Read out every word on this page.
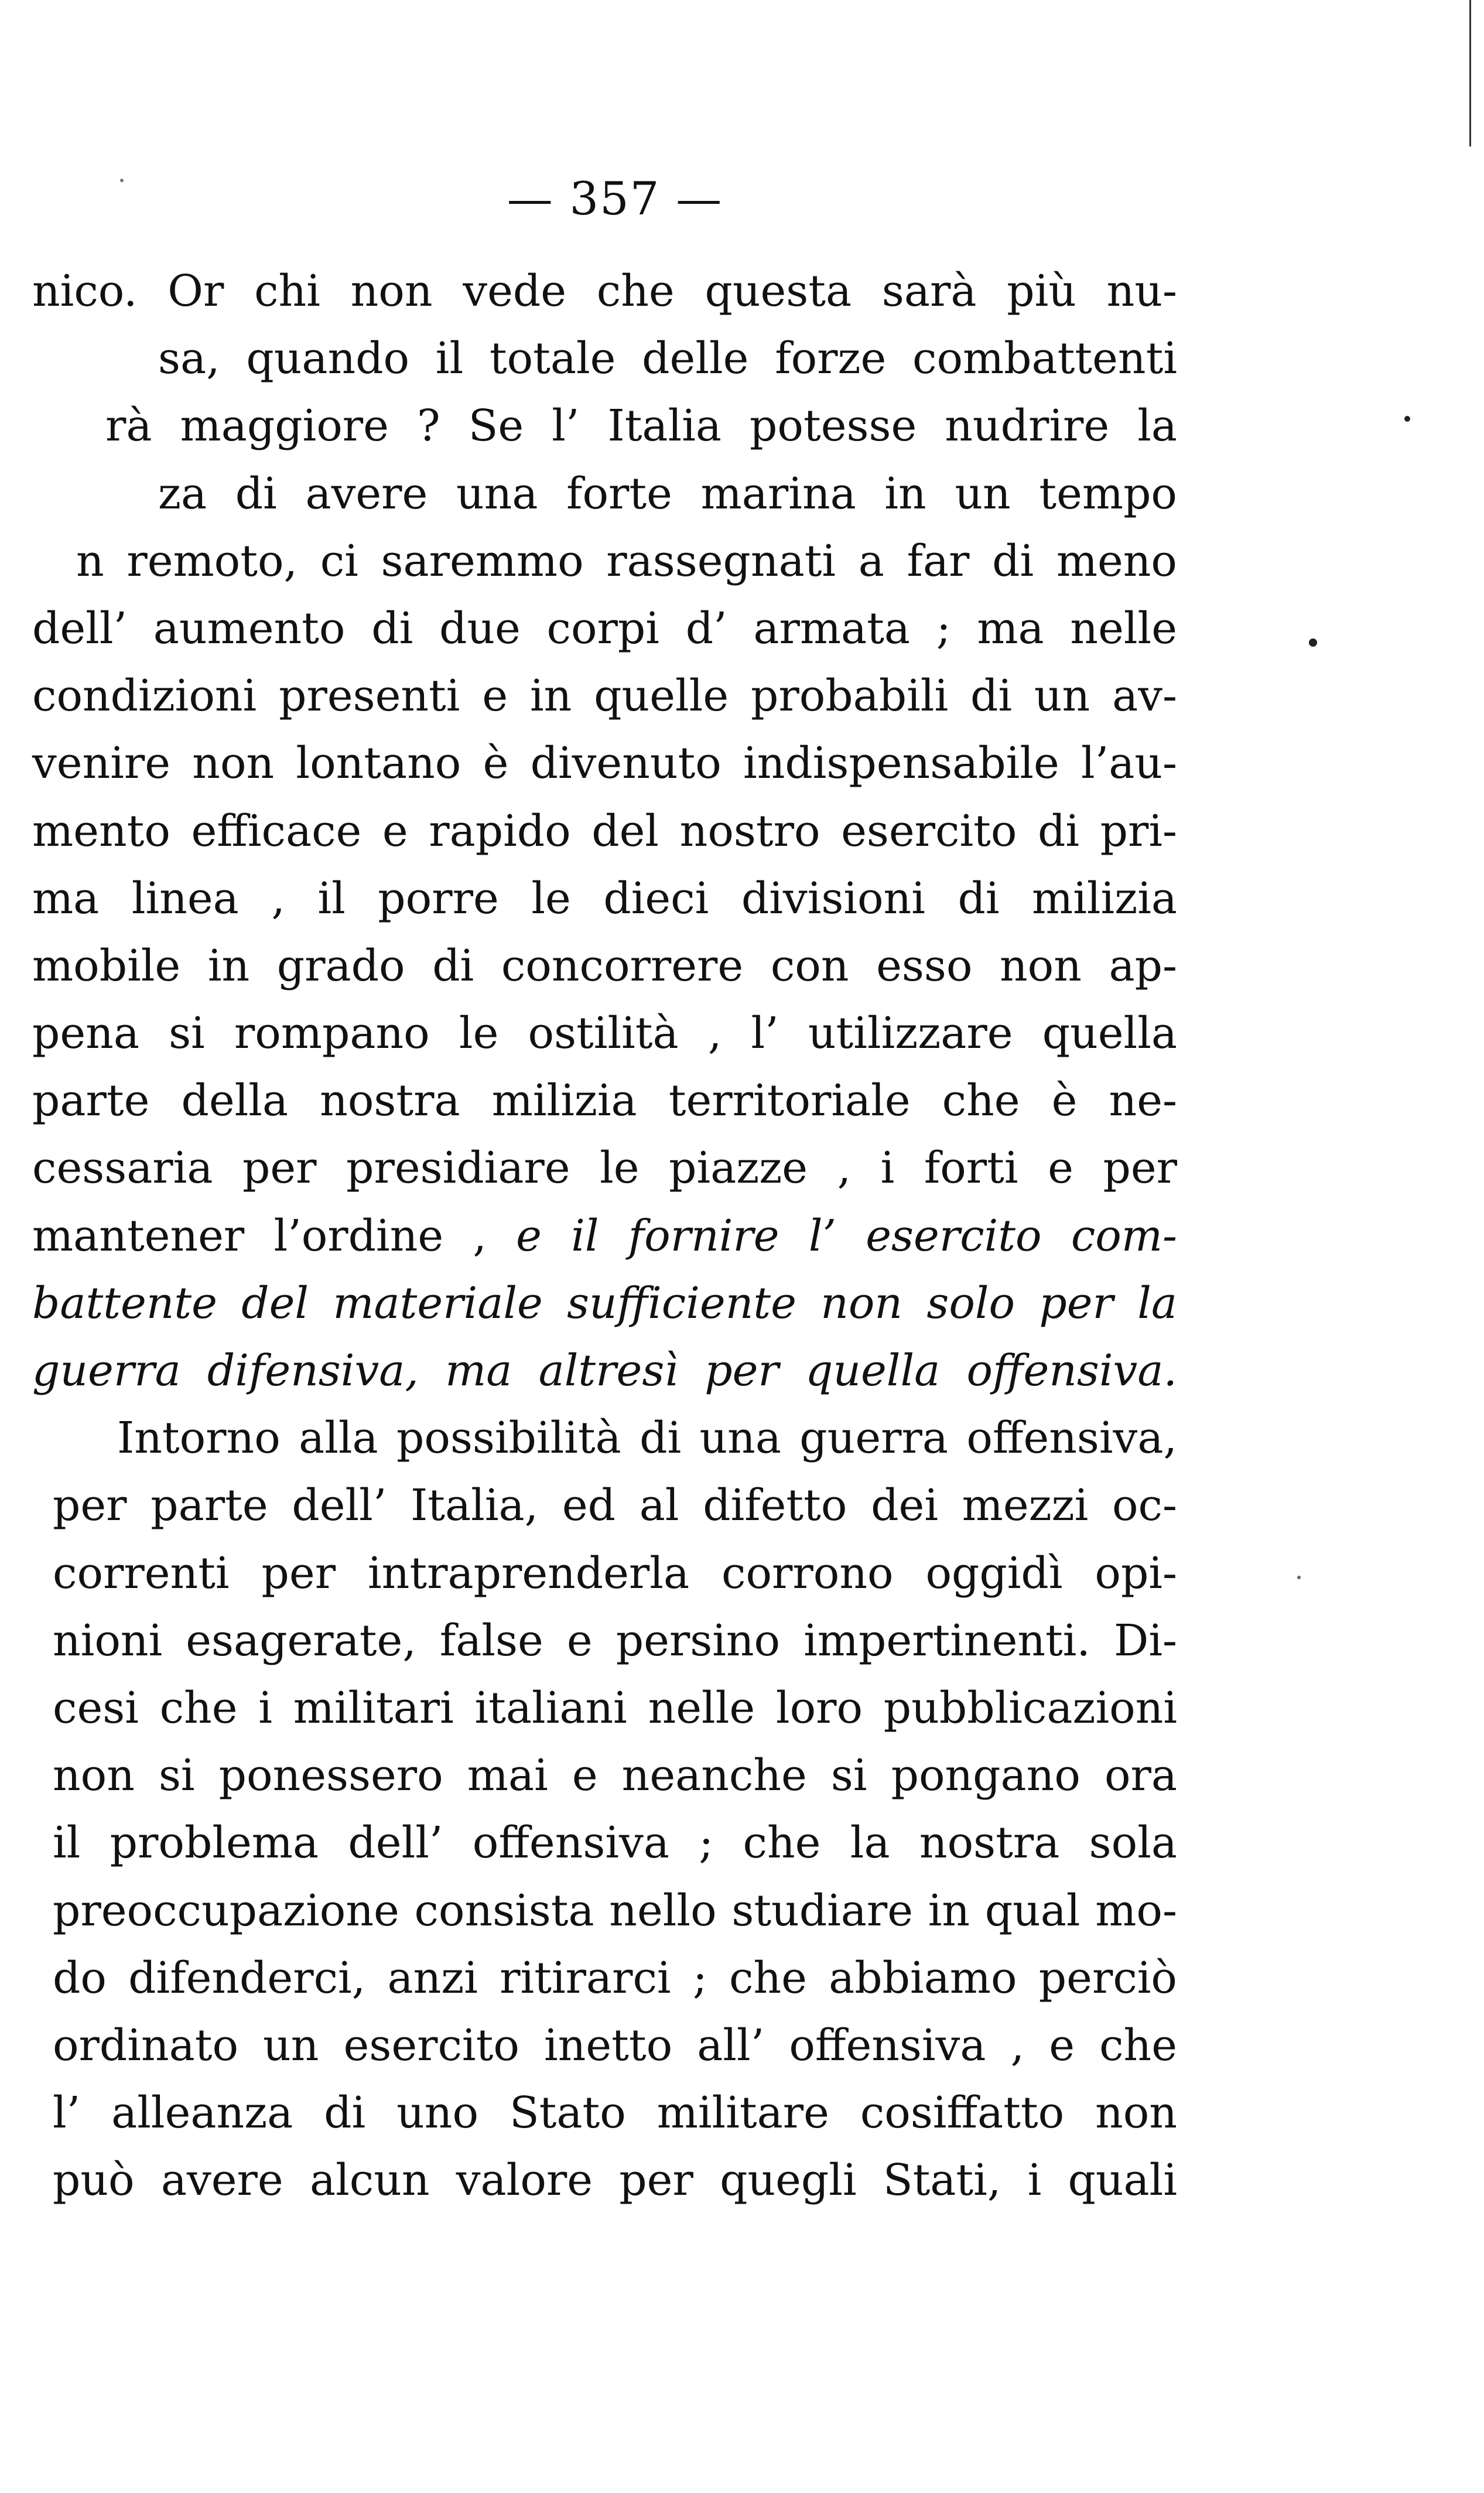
— 357 —
nico. Or chi non vede che questa sarà più nu-
sa, quando il totale delle forze combattenti
rà maggiore ? Se l’ Italia potesse nudrire la
za di avere una forte marina in un tempo
n remoto, ci saremmo rassegnati a far di meno
dell’ aumento di due corpi d’ armata ; ma nelle
condizioni presenti e in quelle probabili di un av-
venire non lontano è divenuto indispensabile l’au-
mento efficace e rapido del nostro esercito di pri-
ma linea , il porre le dieci divisioni di milizia
mobile in grado di concorrere con esso non ap-
pena si rompano le ostilità , l’ utilizzare quella
parte della nostra milizia territoriale che è ne-
cessaria per presidiare le piazze , i forti e per
mantener l’ordine , e il fornire l’ esercito com-
battente del materiale sufficiente non solo per la
guerra difensiva, ma altresì per quella offensiva.
Intorno alla possibilità di una guerra offensiva,
per parte dell’ Italia, ed al difetto dei mezzi oc-
correnti per intraprenderla corrono oggidì opi-
nioni esagerate, false e persino impertinenti. Di-
cesi che i militari italiani nelle loro pubblicazioni
non si ponessero mai e neanche si pongano ora
il problema dell’ offensiva ; che la nostra sola
preoccupazione consista nello studiare in qual mo-
do difenderci, anzi ritirarci ; che abbiamo perciò
ordinato un esercito inetto all’ offensiva , e che
l’ alleanza di uno Stato militare cosiffatto non
può avere alcun valore per quegli Stati, i quali
